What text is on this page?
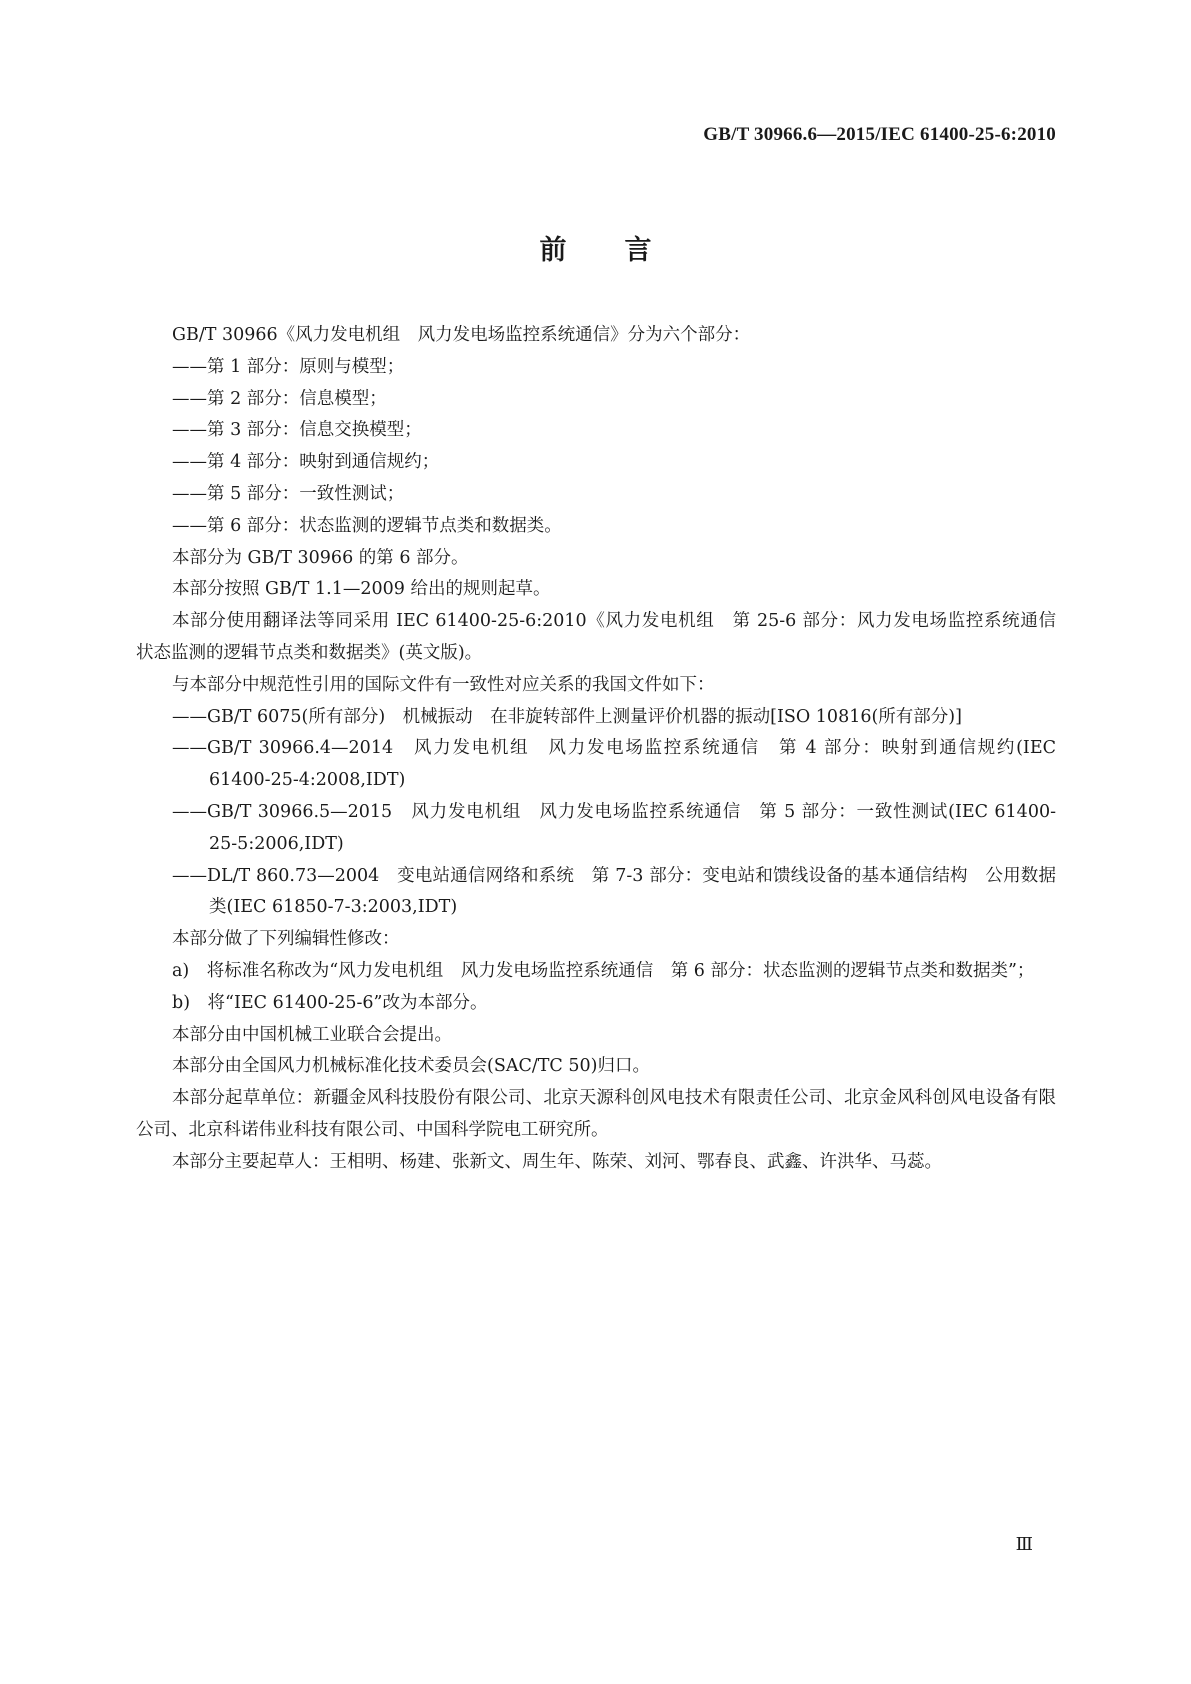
GB/T 30966.6—2015/IEC 61400-25-6:2010
前言

GB/T 30966《风力发电机组　风力发电场监控系统通信》分为六个部分：

——第 1 部分：原则与模型；

——第 2 部分：信息模型；

——第 3 部分：信息交换模型；

——第 4 部分：映射到通信规约；

——第 5 部分：一致性测试；

——第 6 部分：状态监测的逻辑节点类和数据类。

本部分为 GB/T 30966 的第 6 部分。

本部分按照 GB/T 1.1—2009 给出的规则起草。

本部分使用翻译法等同采用 IEC 61400-25-6:2010《风力发电机组　第 25-6 部分：风力发电场监控系统通信　状态监测的逻辑节点类和数据类》(英文版)。

与本部分中规范性引用的国际文件有一致性对应关系的我国文件如下：

——GB/T 6075(所有部分)　机械振动　在非旋转部件上测量评价机器的振动[ISO 10816(所有部分)]

——GB/T 30966.4—2014　风力发电机组　风力发电场监控系统通信　第 4 部分：映射到通信规约(IEC 61400-25-4:2008,IDT)

——GB/T 30966.5—2015　风力发电机组　风力发电场监控系统通信　第 5 部分：一致性测试(IEC 61400-25-5:2006,IDT)

——DL/T 860.73—2004　变电站通信网络和系统　第 7-3 部分：变电站和馈线设备的基本通信结构　公用数据类(IEC 61850-7-3:2003,IDT)

本部分做了下列编辑性修改：

a)　将标准名称改为“风力发电机组　风力发电场监控系统通信　第 6 部分：状态监测的逻辑节点类和数据类”；

b)　将“IEC 61400-25-6”改为本部分。

本部分由中国机械工业联合会提出。

本部分由全国风力机械标准化技术委员会(SAC/TC 50)归口。

本部分起草单位：新疆金风科技股份有限公司、北京天源科创风电技术有限责任公司、北京金风科创风电设备有限公司、北京科诺伟业科技有限公司、中国科学院电工研究所。

本部分主要起草人：王相明、杨建、张新文、周生年、陈荣、刘河、鄂春良、武鑫、许洪华、马蕊。

Ⅲ
